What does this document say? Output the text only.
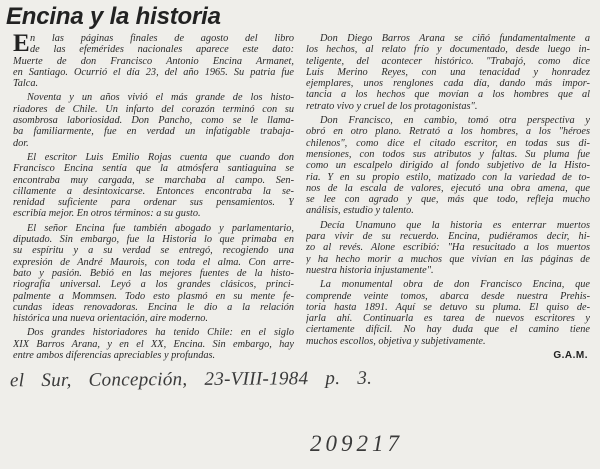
Encina y la historia
E n las páginas finales de agosto del libro
de las efemérides nacionales aparece este dato:
Muerte de don Francisco Antonio Encina Armanet,
en Santiago. Ocurrió el día 23, del año 1965. Su patria fue
Talca.
Noventa y un años vivió el más grande de los histo-
riadores de Chile. Un infarto del corazón terminó con su
asombrosa laboriosidad. Don Pancho, como se le llama-
ba familiarmente, fue en verdad un infatigable trabaja-
dor.
El escritor Luis Emilio Rojas cuenta que cuando don
Francisco Encina sentía que la atmósfera santiaguina se
encontraba muy cargada, se marchaba al campo. Sen-
cillamente a desintoxicarse. Entonces encontraba la se-
renidad suficiente para ordenar sus pensamientos. Y
escribía mejor. En otros términos: a su gusto.
El señor Encina fue también abogado y parlamentario,
diputado. Sin embargo, fue la Historia lo que primaba en
su espíritu y a su verdad se entregó, recogiendo una
expresión de André Maurois, con toda el alma. Con arre-
bato y pasión. Bebió en las mejores fuentes de la histo-
riografía universal. Leyó a los grandes clásicos, princi-
palmente a Mommsen. Todo esto plasmó en su mente fe-
cundas ideas renovadoras. Encina le dio a la relación
histórica una nueva orientación, aire moderno.
Dos grandes historiadores ha tenido Chile: en el siglo
XIX Barros Arana, y en el XX, Encina. Sin embargo, hay
entre ambos diferencias apreciables y profundas.
Don Diego Barros Arana se ciñó fundamentalmente a
los hechos, al relato frío y documentado, desde luego in-
teligente, del acontecer histórico. "Trabajó, como dice
Luis Merino Reyes, con una tenacidad y honradez
ejemplares, unos renglones cada día, dando más impor-
tancia a los hechos que movían a los hombres que al
retrato vivo y cruel de los protagonistas".
Don Francisco, en cambio, tomó otra perspectiva y
obró en otro plano. Retrató a los hombres, a los "héroes
chilenos", como dice el citado escritor, en todas sus di-
mensiones, con todos sus atributos y faltas. Su pluma fue
como un escalpelo dirigido al fondo subjetivo de la Histo-
ria. Y en su propio estilo, matizado con la variedad de to-
nos de la escala de valores, ejecutó una obra amena, que
se lee con agrado y que, más que todo, refleja mucho
análisis, estudio y talento.
Decía Unamuno que la historia es enterrar muertos
para vivir de su recuerdo. Encina, pudiéramos decir, hi-
zo al revés. Alone escribió: "Ha resucitado a los muertos
y ha hecho morir a muchos que vivían en las páginas de
nuestra historia injustamente".
La monumental obra de don Francisco Encina, que
comprende veinte tomos, abarca desde nuestra Prehis-
toria hasta 1891. Aquí se detuvo su pluma. El quiso de-
jarla ahí. Continuarla es tarea de nuevos escritores y
ciertamente difícil. No hay duda que el camino tiene
muchos escollos, objetiva y subjetivamente.
G.A.M.
el Sur, Concepción, 23-VIII-1984 p. 3.
209217
